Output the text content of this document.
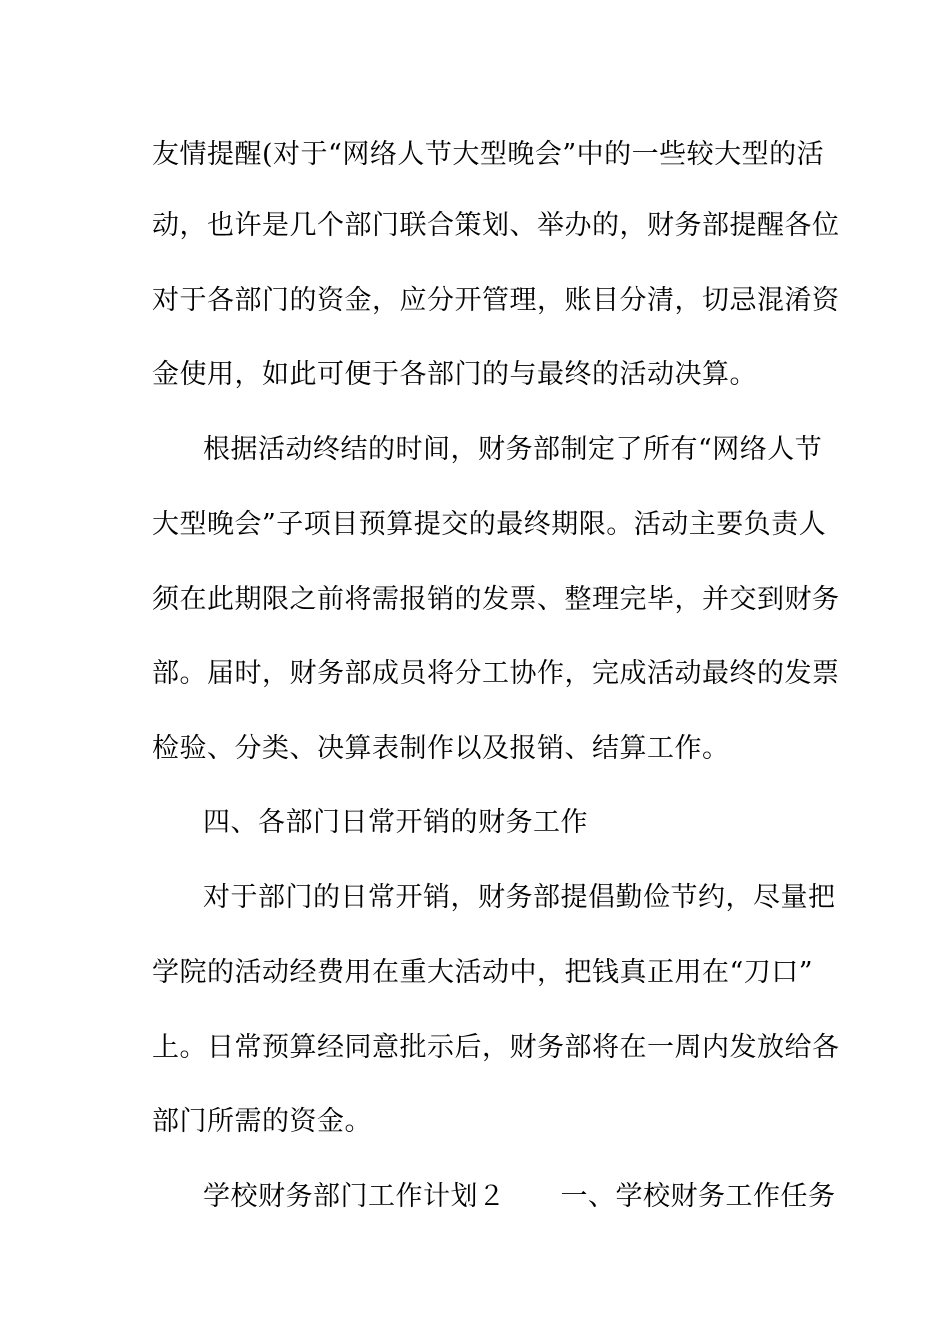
友情提醒(对于“网络人节大型晚会”中的一些较大型的活
动，也许是几个部门联合策划、举办的，财务部提醒各位
对于各部门的资金，应分开管理，账目分清，切忌混淆资
金使用，如此可便于各部门的与最终的活动决算。
根据活动终结的时间，财务部制定了所有“网络人节
大型晚会”子项目预算提交的最终期限。活动主要负责人
须在此期限之前将需报销的发票、整理完毕，并交到财务
部。届时，财务部成员将分工协作，完成活动最终的发票
检验、分类、决算表制作以及报销、结算工作。
四、各部门日常开销的财务工作
对于部门的日常开销，财务部提倡勤俭节约，尽量把
学院的活动经费用在重大活动中，把钱真正用在“刀口”
上。日常预算经同意批示后，财务部将在一周内发放给各
部门所需的资金。
学校财务部门工作计划２　　一、学校财务工作任务
